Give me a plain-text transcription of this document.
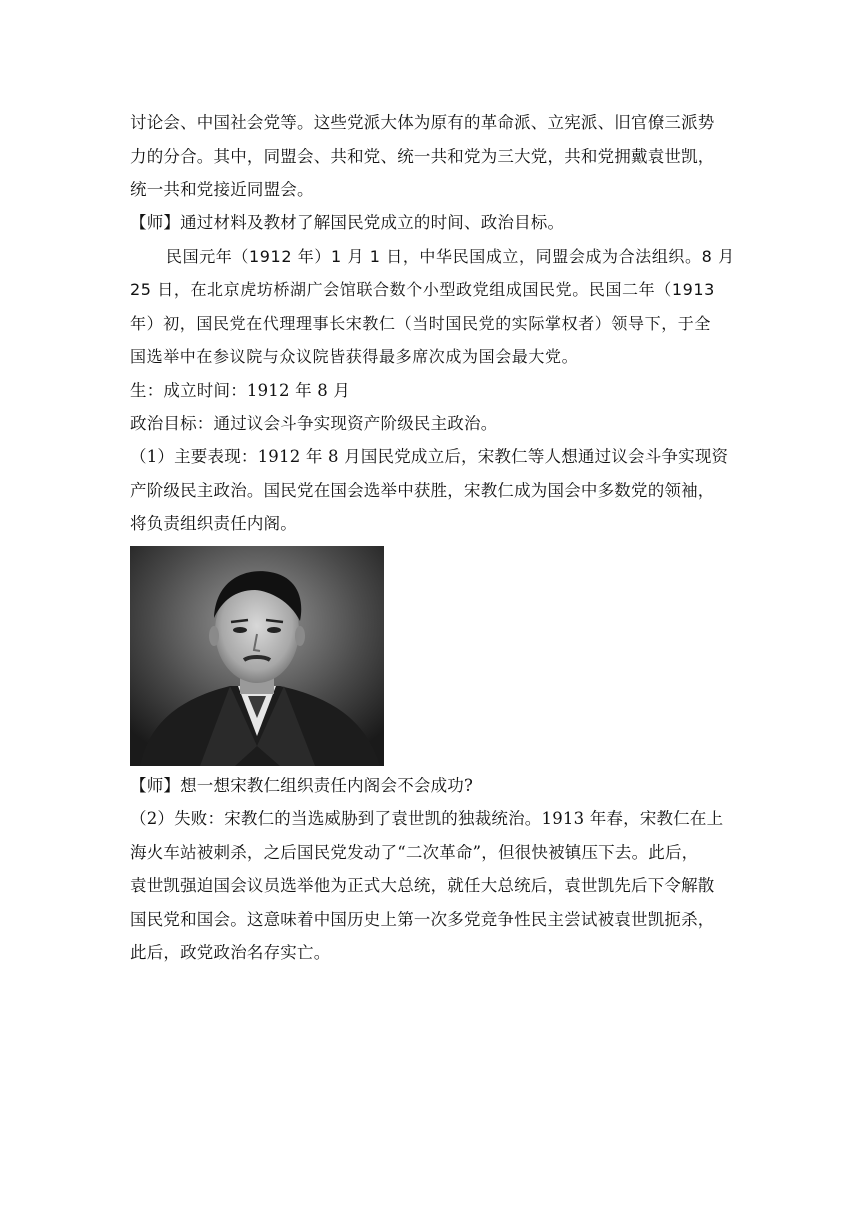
讨论会、中国社会党等。这些党派大体为原有的革命派、立宪派、旧官僚三派势
力的分合。其中，同盟会、共和党、统一共和党为三大党，共和党拥戴袁世凯，
统一共和党接近同盟会。
【师】通过材料及教材了解国民党成立的时间、政治目标。
民国元年（1912 年）1 月 1 日，中华民国成立，同盟会成为合法组织。8 月
25 日，在北京虎坊桥湖广会馆联合数个小型政党组成国民党。民国二年（1913
年）初，国民党在代理理事长宋教仁（当时国民党的实际掌权者）领导下，于全
国选举中在参议院与众议院皆获得最多席次成为国会最大党。
生：成立时间：1912 年 8 月
政治目标：通过议会斗争实现资产阶级民主政治。
（1）主要表现：1912 年 8 月国民党成立后，宋教仁等人想通过议会斗争实现资
产阶级民主政治。国民党在国会选举中获胜，宋教仁成为国会中多数党的领袖，
将负责组织责任内阁。
【师】想一想宋教仁组织责任内阁会不会成功?
（2）失败：宋教仁的当选威胁到了袁世凯的独裁统治。1913 年春，宋教仁在上
海火车站被刺杀，之后国民党发动了“二次革命”，但很快被镇压下去。此后，
袁世凯强迫国会议员选举他为正式大总统，就任大总统后，袁世凯先后下令解散
国民党和国会。这意味着中国历史上第一次多党竞争性民主尝试被袁世凯扼杀，
此后，政党政治名存实亡。
